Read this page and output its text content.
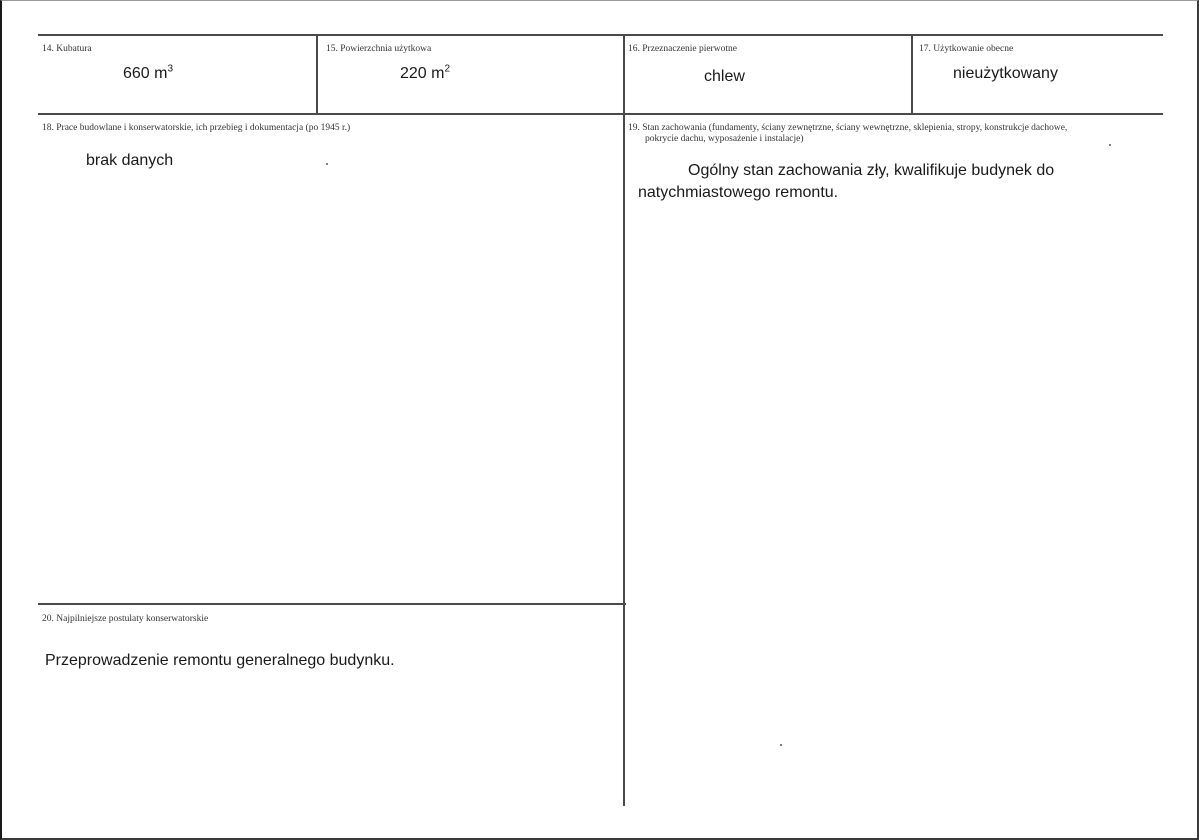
14. Kubatura
660 $m^3$
15. Powierzchnia użytkowa
220 $m^2$
16. Przeznaczenie pierwotne
chlew
17. Użytkowanie obecne
nieużytkowany
18. Prace budowlane i konserwatorskie, ich przebieg i dokumentacja (po 1945 r.)
brak danych
19. Stan zachowania (fundamenty, ściany zewnętrzne, ściany wewnętrzne, sklepienia, stropy, konstrukcje dachowe,
pokrycie dachu, wyposażenie i instalacje)
Ogólny stan zachowania zły, kwalifikuje budynek do
natychmiastowego remontu.
20. Najpilniejsze postulaty konserwatorskie
Przeprowadzenie remontu generalnego budynku.
